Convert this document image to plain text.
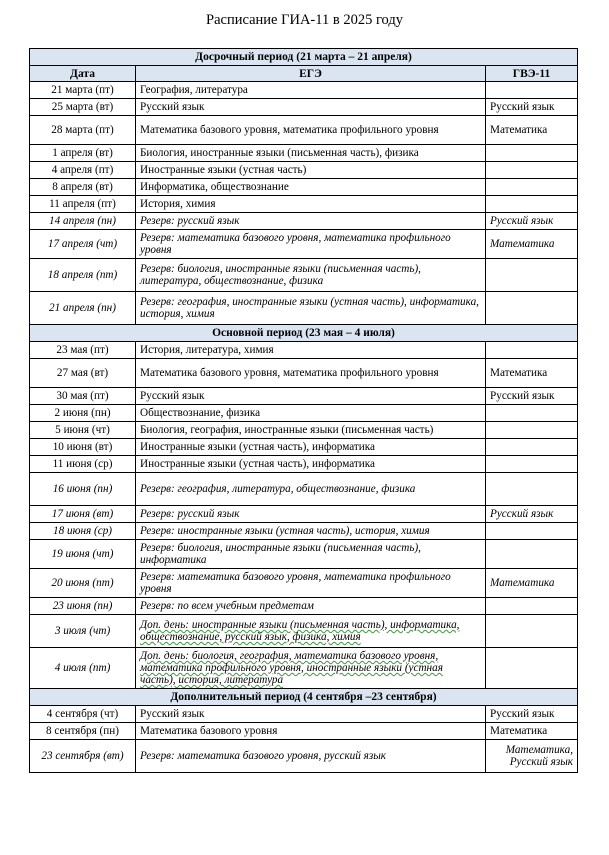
Расписание ГИА-11 в 2025 году
Досрочный период (21 марта – 21 апреля)		
Дата	ЕГЭ	ГВЭ-11
21 марта (пт)	География, литература	
25 марта (вт)	Русский язык	Русский язык
28 марта (пт)	Математика базового уровня, математика профильного уровня	Математика
1 апреля (вт)	Биология, иностранные языки (письменная часть), физика	
4 апреля (пт)	Иностранные языки (устная часть)	
8 апреля (вт)	Информатика, обществознание	
11 апреля (пт)	История, химия	
14 апреля (пн)	Резерв: русский язык	Русский язык
17 апреля (чт)	Резерв: математика базового уровня, математика профильного уровня	Математика
18 апреля (пт)	Резерв: биология, иностранные языки (письменная часть), литература, обществознание, физика	
21 апреля (пн)	Резерв: география, иностранные языки (устная часть), информатика, история, химия	
Основной период (23 мая – 4 июля)		
23 мая (пт)	История, литература, химия	
27 мая (вт)	Математика базового уровня, математика профильного уровня	Математика
30 мая (пт)	Русский язык	Русский язык
2 июня (пн)	Обществознание, физика	
5 июня (чт)	Биология, география, иностранные языки (письменная часть)	
10 июня (вт)	Иностранные языки (устная часть), информатика	
11 июня (ср)	Иностранные языки (устная часть), информатика	
16 июня (пн)	Резерв: география, литература, обществознание, физика	
17 июня (вт)	Резерв: русский язык	Русский язык
18 июня (ср)	Резерв: иностранные языки (устная часть), история, химия	
19 июня (чт)	Резерв: биология, иностранные языки (письменная часть), информатика	
20 июня (пт)	Резерв: математика базового уровня, математика профильного уровня	Математика
23 июня (пн)	Резерв: по всем учебным предметам	
3 июля (чт)	Доп. день: иностранные языки (письменная часть), информатика, обществознание, русский язык, физика, химия	
4 июля (пт)	Доп. день: биология, география, математика базового уровня, математика профильного уровня, иностранные языки (устная часть), история, литература	
Дополнительный период (4 сентября –23 сентября)		
4 сентября (чт)	Русский язык	Русский язык
8 сентября (пн)	Математика базового уровня	Математика
23 сентября (вт)	Резерв: математика базового уровня, русский язык	Математика, Русский язык
